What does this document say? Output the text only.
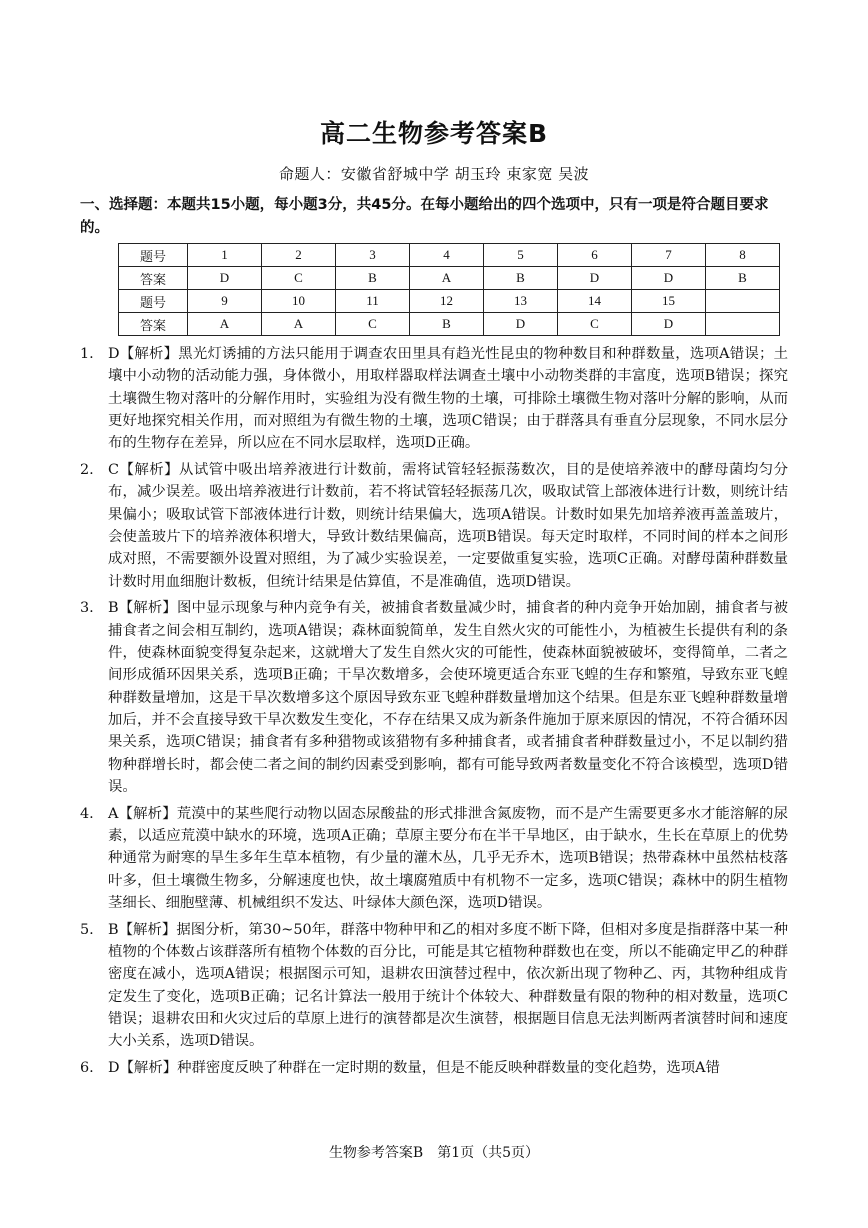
高二生物参考答案B
命题人：安徽省舒城中学 胡玉玲 束家宽 吴波
一、选择题：本题共15小题，每小题3分，共45分。在每小题给出的四个选项中，只有一项是符合题目要求的。
题号	1	2	3	4	5	6	7	8
答案	D	C	B	A	B	D	D	B
题号	9	10	11	12	13	14	15	
答案	A	A	C	B	D	C	D	
1. D【解析】黑光灯诱捕的方法只能用于调查农田里具有趋光性昆虫的物种数目和种群数量，选项A错误；土壤中小动物的活动能力强，身体微小，用取样器取样法调查土壤中小动物类群的丰富度，选项B错误；探究土壤微生物对落叶的分解作用时，实验组为没有微生物的土壤，可排除土壤微生物对落叶分解的影响，从而更好地探究相关作用，而对照组为有微生物的土壤，选项C错误；由于群落具有垂直分层现象，不同水层分布的生物存在差异，所以应在不同水层取样，选项D正确。
2. C【解析】从试管中吸出培养液进行计数前，需将试管轻轻振荡数次，目的是使培养液中的酵母菌均匀分布，减少误差。吸出培养液进行计数前，若不将试管轻轻振荡几次，吸取试管上部液体进行计数，则统计结果偏小；吸取试管下部液体进行计数，则统计结果偏大，选项A错误。计数时如果先加培养液再盖盖玻片，会使盖玻片下的培养液体积增大，导致计数结果偏高，选项B错误。每天定时取样，不同时间的样本之间形成对照，不需要额外设置对照组，为了减少实验误差，一定要做重复实验，选项C正确。对酵母菌种群数量计数时用血细胞计数板，但统计结果是估算值，不是准确值，选项D错误。
3. B【解析】图中显示现象与种内竞争有关，被捕食者数量减少时，捕食者的种内竞争开始加剧，捕食者与被捕食者之间会相互制约，选项A错误；森林面貌简单，发生自然火灾的可能性小，为植被生长提供有利的条件，使森林面貌变得复杂起来，这就增大了发生自然火灾的可能性，使森林面貌被破坏，变得简单，二者之间形成循环因果关系，选项B正确；干旱次数增多，会使环境更适合东亚飞蝗的生存和繁殖，导致东亚飞蝗种群数量增加，这是干旱次数增多这个原因导致东亚飞蝗种群数量增加这个结果。但是东亚飞蝗种群数量增加后，并不会直接导致干旱次数发生变化，不存在结果又成为新条件施加于原来原因的情况，不符合循环因果关系，选项C错误；捕食者有多种猎物或该猎物有多种捕食者，或者捕食者种群数量过小，不足以制约猎物种群增长时，都会使二者之间的制约因素受到影响，都有可能导致两者数量变化不符合该模型，选项D错误。
4. A【解析】荒漠中的某些爬行动物以固态尿酸盐的形式排泄含氮废物，而不是产生需要更多水才能溶解的尿素，以适应荒漠中缺水的环境，选项A正确；草原主要分布在半干旱地区，由于缺水，生长在草原上的优势种通常为耐寒的旱生多年生草本植物，有少量的灌木丛，几乎无乔木，选项B错误；热带森林中虽然枯枝落叶多，但土壤微生物多，分解速度也快，故土壤腐殖质中有机物不一定多，选项C错误；森林中的阴生植物茎细长、细胞壁薄、机械组织不发达、叶绿体大颜色深，选项D错误。
5. B【解析】据图分析，第30~50年，群落中物种甲和乙的相对多度不断下降，但相对多度是指群落中某一种植物的个体数占该群落所有植物个体数的百分比，可能是其它植物种群数也在变，所以不能确定甲乙的种群密度在减小，选项A错误；根据图示可知，退耕农田演替过程中，依次新出现了物种乙、丙，其物种组成肯定发生了变化，选项B正确；记名计算法一般用于统计个体较大、种群数量有限的物种的相对数量，选项C错误；退耕农田和火灾过后的草原上进行的演替都是次生演替，根据题目信息无法判断两者演替时间和速度大小关系，选项D错误。
6. D【解析】种群密度反映了种群在一定时期的数量，但是不能反映种群数量的变化趋势，选项A错
生物参考答案B　第1页（共5页）
